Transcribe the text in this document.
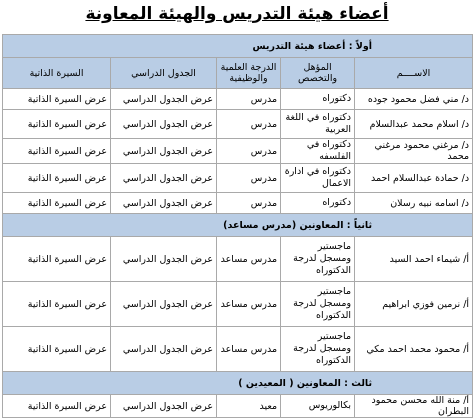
أعضاء هيئة التدريس والهيئة المعاونة
أولاً : أعضاء هيئة التدريس				
الاســــم	المؤهل والتخصص	الدرجة العلمية والوظيفية	الجدول الدراسي	السيرة الذاتية
د/ مني فضل محمود جوده	دكتوراه	مدرس	عرض الجدول الدراسي	عرض السيرة الذاتية
د/ اسلام محمد عبدالسلام	دكتوراه في اللغة العربية	مدرس	عرض الجدول الدراسي	عرض السيرة الذاتية
د/ مرغني محمود مرغني محمد	دكتوراه في الفلسفه	مدرس	عرض الجدول الدراسي	عرض السيرة الذاتية
د/ حمادة عبدالسلام احمد	دكتوراه في ادارة الاعمال	مدرس	عرض الجدول الدراسي	عرض السيرة الذاتية
د/ اسامه نبيه رسلان	دكتوراه	مدرس	عرض الجدول الدراسي	عرض السيرة الذاتية
ثانياً : المعاونين (مدرس مساعد)				
أ/ شيماء احمد السيد	ماجستير ومسجل لدرجة الدكتوراه	مدرس مساعد	عرض الجدول الدراسي	عرض السيرة الذاتية
أ/ نرمين فوزي ابراهيم	ماجستير ومسجل لدرجة الدكتوراه	مدرس مساعد	عرض الجدول الدراسي	عرض السيرة الذاتية
أ/ محمود محمد احمد مكي	ماجستير ومسجل لدرجة الدكتوراه	مدرس مساعد	عرض الجدول الدراسي	عرض السيرة الذاتية
ثالث : المعاونين ( المعيدين )				
أ/ منة الله محسن محمود البطران	بكالوريوس	معيد	عرض الجدول الدراسي	عرض السيرة الذاتية
